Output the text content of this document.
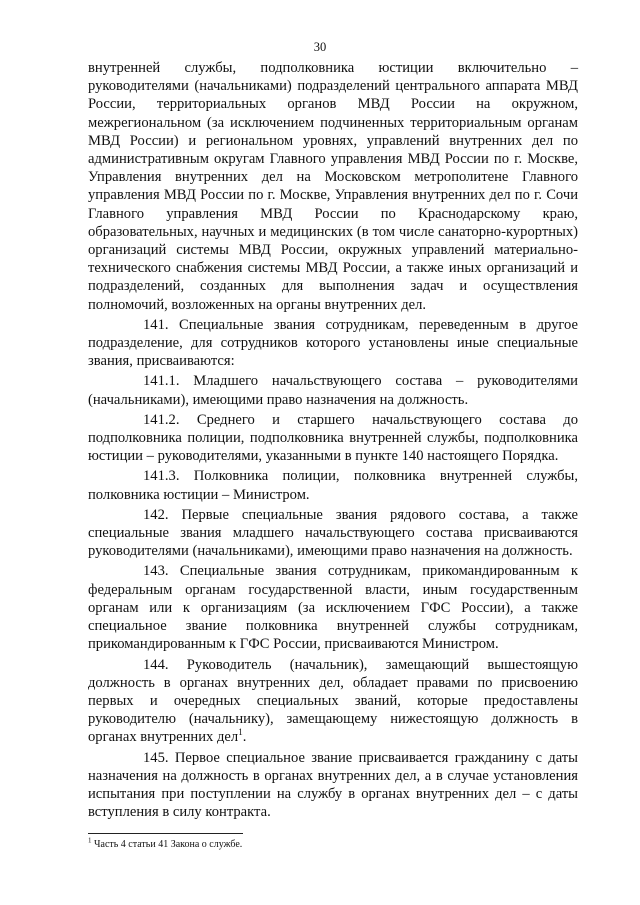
30

внутренней службы, подполковника юстиции включительно – руководителями (начальниками) подразделений центрального аппарата МВД России, территориальных органов МВД России на окружном, межрегиональном (за исключением подчиненных территориальным органам МВД России) и региональном уровнях, управлений внутренних дел по административным округам Главного управления МВД России по г. Москве, Управления внутренних дел на Московском метрополитене Главного управления МВД России по г. Москве, Управления внутренних дел по г. Сочи Главного управления МВД России по Краснодарскому краю, образовательных, научных и медицинских (в том числе санаторно-курортных) организаций системы МВД России, окружных управлений материально-технического снабжения системы МВД России, а также иных организаций и подразделений, созданных для выполнения задач и осуществления полномочий, возложенных на органы внутренних дел.

141. Специальные звания сотрудникам, переведенным в другое подразделение, для сотрудников которого установлены иные специальные звания, присваиваются:

141.1. Младшего начальствующего состава – руководителями (начальниками), имеющими право назначения на должность.

141.2. Среднего и старшего начальствующего состава до подполковника полиции, подполковника внутренней службы, подполковника юстиции – руководителями, указанными в пункте 140 настоящего Порядка.

141.3. Полковника полиции, полковника внутренней службы, полковника юстиции – Министром.

142. Первые специальные звания рядового состава, а также специальные звания младшего начальствующего состава присваиваются руководителями (начальниками), имеющими право назначения на должность.

143. Специальные звания сотрудникам, прикомандированным к федеральным органам государственной власти, иным государственным органам или к организациям (за исключением ГФС России), а также специальное звание полковника внутренней службы сотрудникам, прикомандированным к ГФС России, присваиваются Министром.

144. Руководитель (начальник), замещающий вышестоящую должность в органах внутренних дел, обладает правами по присвоению первых и очередных специальных званий, которые предоставлены руководителю (начальнику), замещающему нижестоящую должность в органах внутренних дел$^1$.

145. Первое специальное звание присваивается гражданину с даты назначения на должность в органах внутренних дел, а в случае установления испытания при поступлении на службу в органах внутренних дел – с даты вступления в силу контракта.

$^1$ Часть 4 статьи 41 Закона о службе.
